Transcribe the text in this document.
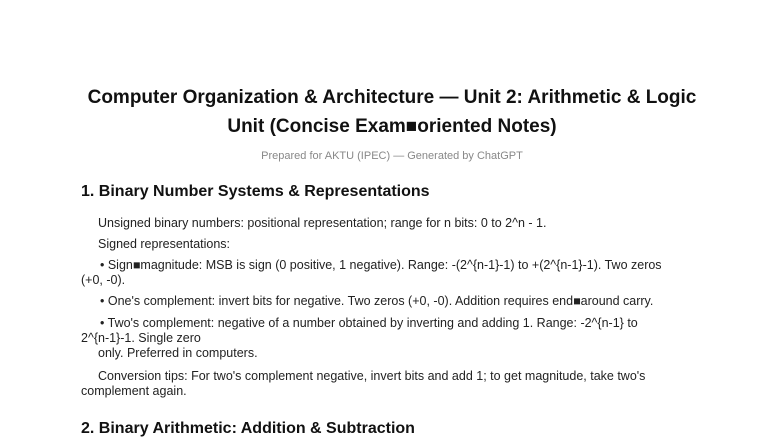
Computer Organization & Architecture — Unit 2: Arithmetic & Logic
Unit (Concise Exam■oriented Notes)
Prepared for AKTU (IPEC) — Generated by ChatGPT
1. Binary Number Systems & Representations
Unsigned binary numbers: positional representation; range for n bits: 0 to 2^n - 1.
Signed representations:
• Sign■magnitude: MSB is sign (0 positive, 1 negative). Range: -(2^{n-1}-1) to +(2^{n-1}-1). Two zeros
(+0, -0).
• One's complement: invert bits for negative. Two zeros (+0, -0). Addition requires end■around carry.
• Two's complement: negative of a number obtained by inverting and adding 1. Range: -2^{n-1} to
2^{n-1}-1. Single zero
only. Preferred in computers.
Conversion tips: For two's complement negative, invert bits and add 1; to get magnitude, take two's
complement again.
2. Binary Arithmetic: Addition & Subtraction
